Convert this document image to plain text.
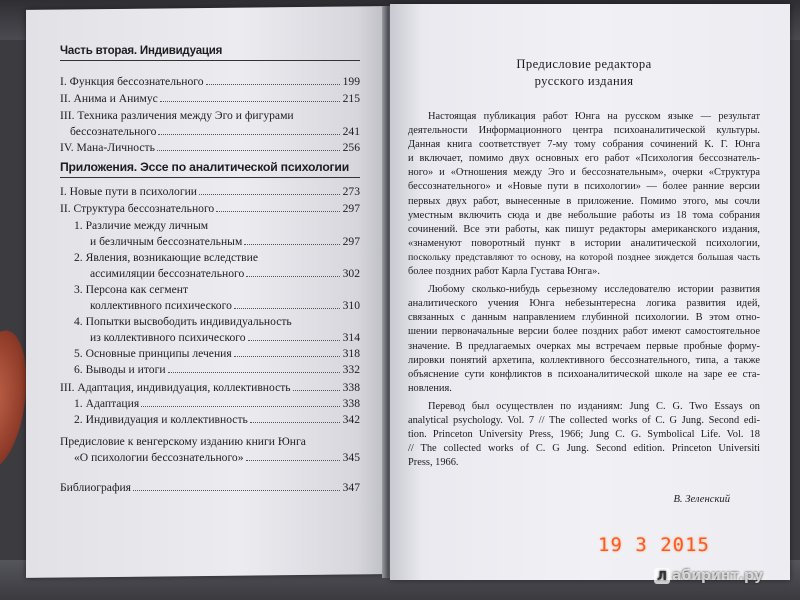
Часть вторая. Индивидуация
I. Функция бессознательного	199
II. Анима и Анимус	215
III. Техника различения между Эго и фигурами
бессознательного	241
IV. Мана-Личность	256
Приложения. Эссе по аналитической психологии
I. Новые пути в психологии	273
II. Структура бессознательного	297
1. Различие между личным
и безличным бессознательным	297
2. Явления, возникающие вследствие
ассимиляции бессознательного	302
3. Персона как сегмент
коллективного психического	310
4. Попытки высвободить индивидуальность
из коллективного психического	314
5. Основные принципы лечения	318
6. Выводы и итоги	332
III. Адаптация, индивидуация, коллективность	338
1. Адаптация	338
2. Индивидуация и коллективность	342
Предисловие к венгерскому изданию книги Юнга
«О психологии бессознательного»	345
Библиография	347
Предисловие редактора
русского издания
Настоящая публикация работ Юнга на русском языке — результат
деятельности Информационного центра психоаналитической культуры.
Данная книга соответствует 7-му тому собрания сочинений К. Г. Юнга
и включает, помимо двух основных его работ «Психология бессознатель-
ного» и «Отношения между Эго и бессознательным», очерки «Структура
бессознательного» и «Новые пути в психологии» — более ранние версии
первых двух работ, вынесенные в приложение. Помимо этого, мы сочли
уместным включить сюда и две небольшие работы из 18 тома собрания
сочинений. Все эти работы, как пишут редакторы американского издания,
«знаменуют поворотный пункт в истории аналитической психологии,
поскольку представляют то основу, на которой позднее зиждется большая часть
более поздних работ Карла Густава Юнга».
Любому сколько-нибудь серьезному исследователю истории развития
аналитического учения Юнга небезынтересна логика развития идей,
связанных с данным направлением глубинной психологии. В этом отно-
шении первоначальные версии более поздних работ имеют самостоятельное
значение. В предлагаемых очерках мы встречаем первые пробные форму-
лировки понятий архетипа, коллективного бессознательного, типа, а также
объяснение сути конфликтов в психоаналитической школе на заре ее ста-
новления.
Перевод был осуществлен по изданиям: Jung C. G. Two Essays on
analytical psychology. Vol. 7 // The collected works of C. G Jung. Second edi-
tion. Princeton University Press, 1966; Jung C. G. Symbolical Life. Vol. 18
// The collected works of C. G Jung. Second edition. Princeton Universiti
Press, 1966.
В. Зеленский
19 3 2015
Л абиринт.ру
